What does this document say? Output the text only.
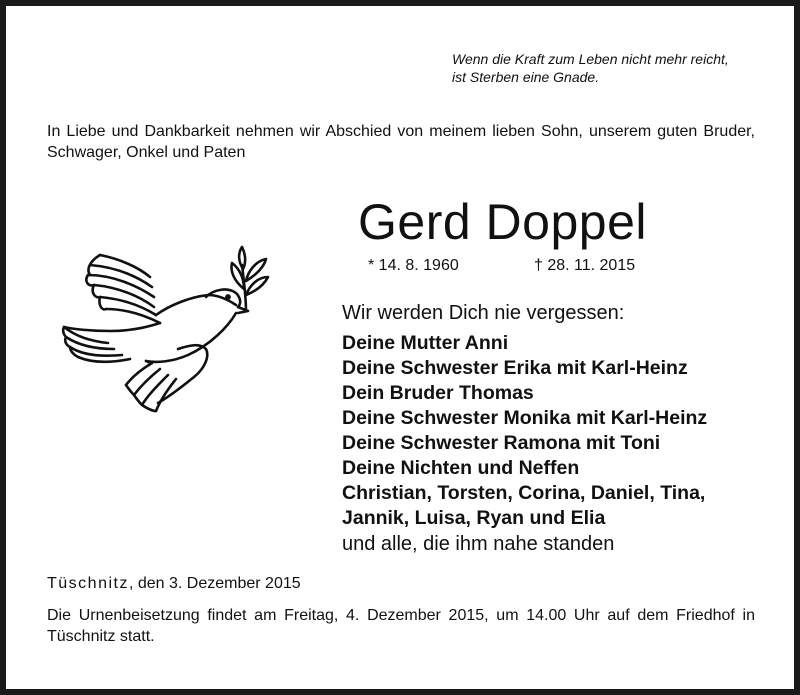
Wenn die Kraft zum Leben nicht mehr reicht,
ist Sterben eine Gnade.
In Liebe und Dankbarkeit nehmen wir Abschied von meinem lieben Sohn, unserem guten Bruder, Schwager, Onkel und Paten
Gerd Doppel
* 14. 8. 1960	† 28. 11. 2015
Wir werden Dich nie vergessen:
Deine Mutter Anni
Deine Schwester Erika mit Karl-Heinz
Dein Bruder Thomas
Deine Schwester Monika mit Karl-Heinz
Deine Schwester Ramona mit Toni
Deine Nichten und Neffen
Christian, Torsten, Corina, Daniel, Tina,
Jannik, Luisa, Ryan und Elia
und alle, die ihm nahe standen
Tüschnitz, den 3. Dezember 2015
Die Urnenbeisetzung findet am Freitag, 4. Dezember 2015, um 14.00 Uhr auf dem Friedhof in Tüschnitz statt.
